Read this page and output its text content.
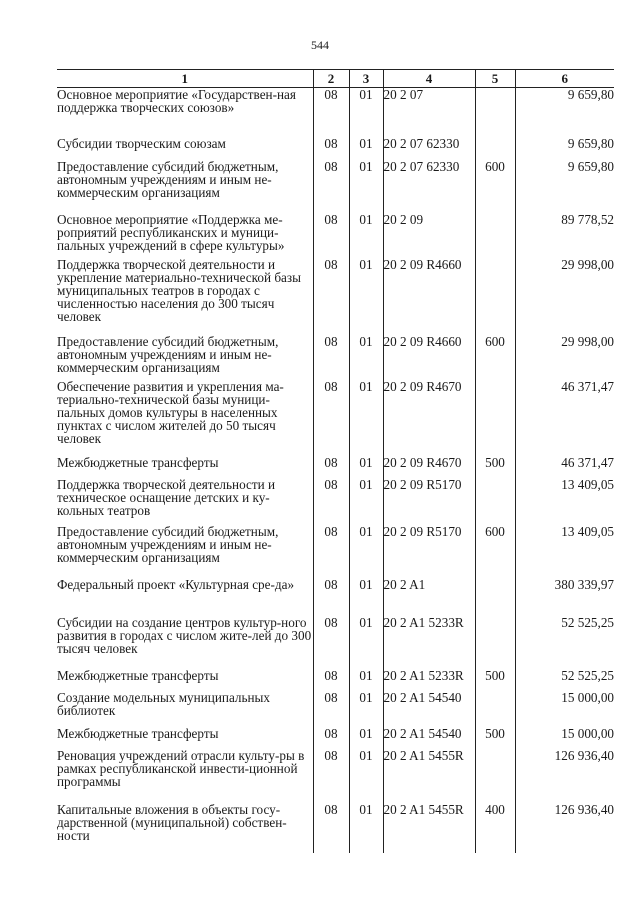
544
1	2	3	4	5	6
Основное мероприятие «Государствен-ная поддержка творческих союзов»	08	01	20 2 07		9 659,80
Субсидии творческим союзам	08	01	20 2 07 62330		9 659,80
Предоставление субсидий бюджетным, автономным учреждениям и иным не-коммерческим организациям	08	01	20 2 07 62330	600	9 659,80
Основное мероприятие «Поддержка ме-роприятий республиканских и муници-пальных учреждений в сфере культуры»	08	01	20 2 09		89 778,52
Поддержка творческой деятельности и укрепление материально-технической базы муниципальных театров в городах с численностью населения до 300 тысяч человек	08	01	20 2 09 R4660		29 998,00
Предоставление субсидий бюджетным, автономным учреждениям и иным не-коммерческим организациям	08	01	20 2 09 R4660	600	29 998,00
Обеспечение развития и укрепления ма-териально-технической базы муници-пальных домов культуры в населенных пунктах с числом жителей до 50 тысяч человек	08	01	20 2 09 R4670		46 371,47
Межбюджетные трансферты	08	01	20 2 09 R4670	500	46 371,47
Поддержка творческой деятельности и техническое оснащение детских и ку-кольных театров	08	01	20 2 09 R5170		13 409,05
Предоставление субсидий бюджетным, автономным учреждениям и иным не-коммерческим организациям	08	01	20 2 09 R5170	600	13 409,05
Федеральный проект «Культурная сре-да»	08	01	20 2 A1		380 339,97
Субсидии на создание центров культур-ного развития в городах с числом жите-лей до 300 тысяч человек	08	01	20 2 A1 5233R		52 525,25
Межбюджетные трансферты	08	01	20 2 A1 5233R	500	52 525,25
Создание модельных муниципальных библиотек	08	01	20 2 A1 54540		15 000,00
Межбюджетные трансферты	08	01	20 2 A1 54540	500	15 000,00
Реновация учреждений отрасли культу-ры в рамках республиканской инвести-ционной программы	08	01	20 2 A1 5455R		126 936,40
Капитальные вложения в объекты госу-дарственной (муниципальной) собствен-ности	08	01	20 2 A1 5455R	400	126 936,40
